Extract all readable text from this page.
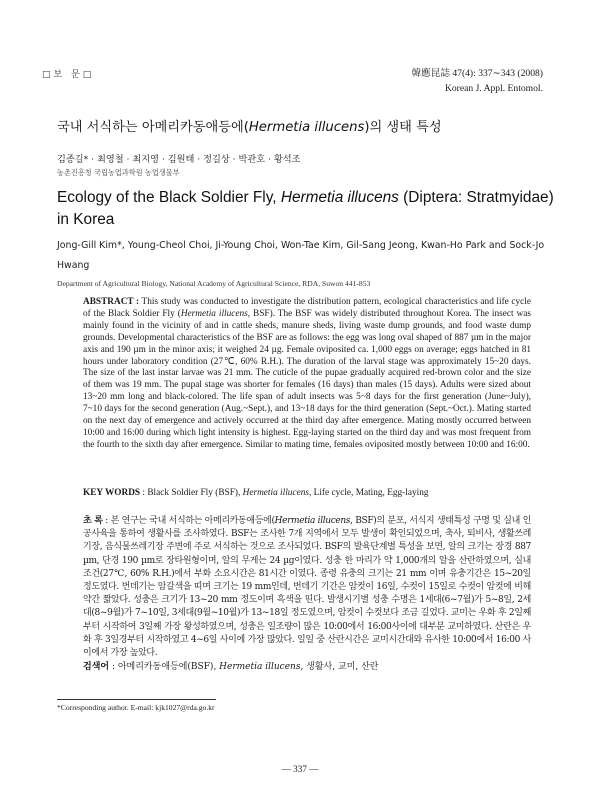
□보 문□	韓應昆誌 47(4): 337∼343 (2008)
Korean J. Appl. Entomol.
국내 서식하는 아메리카동애등에(Hermetia illucens)의 생태 특성
김종길* · 최영철 · 최지영 · 김원태 · 정길상 · 박관호 · 황석조
농촌진흥청 국립농업과학원 농업생물부
Ecology of the Black Soldier Fly, Hermetia illucens (Diptera: Stratmyidae) in Korea
Jong-Gill Kim*, Young-Cheol Choi, Ji-Young Choi, Won-Tae Kim, Gil-Sang Jeong, Kwan-Ho Park and Sock-Jo Hwang
Department of Agricultural Biology, National Academy of Agricultural Science, RDA, Suwon 441-853
ABSTRACT : This study was conducted to investigate the distribution pattern, ecological characteristics and life cycle of the Black Soldier Fly (Hermetia illucens, BSF). The BSF was widely distributed throughout Korea. The insect was mainly found in the vicinity of and in cattle sheds, manure sheds, living waste dump grounds, and food waste dump grounds. Developmental characteristics of the BSF are as follows: the egg was long oval shaped of 887 µm in the major axis and 190 µm in the minor axis; it weighed 24 µg. Female oviposited ca. 1,000 eggs on average; eggs hatched in 81 hours under laboratory condition (27℃, 60% R.H.). The duration of the larval stage was approximately 15~20 days. The size of the last instar larvae was 21 mm. The cuticle of the pupae gradually acquired red-brown color and the size of them was 19 mm. The pupal stage was shorter for females (16 days) than males (15 days). Adults were sized about 13~20 mm long and black-colored. The life span of adult insects was 5~8 days for the first generation (June~July), 7~10 days for the second generation (Aug.~Sept.), and 13~18 days for the third generation (Sept.~Oct.). Mating started on the next day of emergence and actively occurred at the third day after emergence. Mating mostly occurred between 10:00 and 16:00 during which light intensity is highest. Egg-laying started on the third day and was most frequent from the fourth to the sixth day after emergence. Similar to mating time, females oviposited mostly between 10:00 and 16:00.
KEY WORDS : Black Soldier Fly (BSF), Hermetia illucens, Life cycle, Mating, Egg-laying
초 록 : 본 연구는 국내 서식하는 아메리카동애등에(Hermetia illucens, BSF)의 분포, 서식지 생태특성 구명 및 실내 인공사육을 통하여 생활사를 조사하였다. BSF는 조사한 7개 지역에서 모두 발생이 확인되었으며, 축사, 퇴비사, 생활쓰레기장, 음식물쓰레기장 주변에 주로 서식하는 것으로 조사되었다. BSF의 발육단계별 특성을 보면, 알의 크기는 장경 887 µm, 단경 190 µm로 장타원형이며, 알의 무게는 24 µg이였다. 성충 한 마리가 약 1,000개의 알을 산란하였으며, 실내 조건(27℃, 60% R.H.)에서 부화 소요시간은 81시간 이였다. 종령 유충의 크기는 21 mm 이며 유충기간은 15~20일 정도였다. 번데기는 암갈색을 띠며 크기는 19 mm인데, 번데기 기간은 암컷이 16일, 수컷이 15일로 수컷이 암컷에 비해 약간 짧았다. 성충은 크기가 13~20 mm 정도이며 흑색을 띤다. 발생시기별 성충 수명은 1세대(6~7월)가 5~8일, 2세대(8~9월)가 7~10일, 3세대(9월~10월)가 13~18일 정도였으며, 암컷이 수컷보다 조금 길었다. 교미는 우화 후 2일째부터 시작하여 3일째 가장 왕성하였으며, 성충은 일조량이 많은 10:00에서 16:00사이에 대부분 교미하였다. 산란은 우화 후 3일경부터 시작하였고 4~6일 사이에 가장 많았다. 일일 중 산란시간은 교미시간대와 유사한 10:00에서 16:00 사이에서 가장 높았다.
검색어 : 아메리카동애등에(BSF), Hermetia illucens, 생활사, 교미, 산란
*Corresponding author. E-mail: kjk1027@rda.go.kr
— 337 —
